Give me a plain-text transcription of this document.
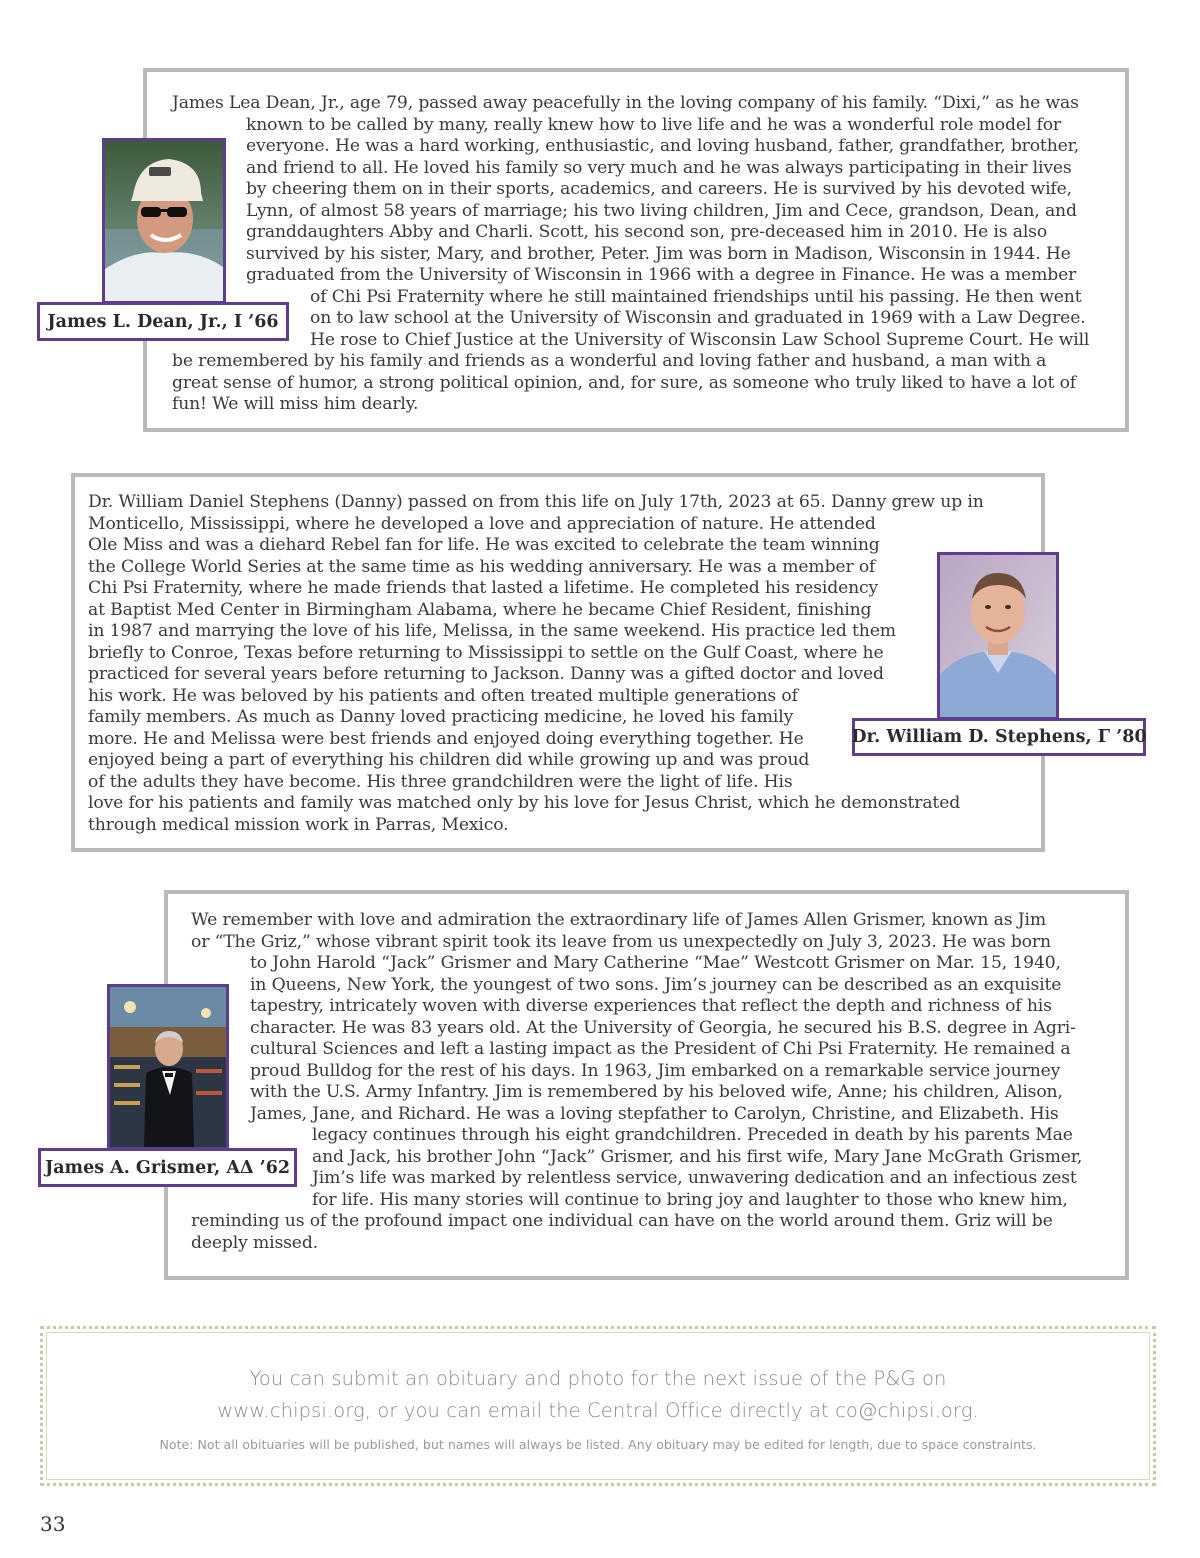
James Lea Dean, Jr., age 79, passed away peacefully in the loving company of his family. “Dixi,” as he was

known to be called by many, really knew how to live life and he was a wonderful role model for

everyone. He was a hard working, enthusiastic, and loving husband, father, grandfather, brother,

and friend to all. He loved his family so very much and he was always participating in their lives

by cheering them on in their sports, academics, and careers. He is survived by his devoted wife,

Lynn, of almost 58 years of marriage; his two living children, Jim and Cece, grandson, Dean, and

granddaughters Abby and Charli. Scott, his second son, pre-deceased him in 2010. He is also

survived by his sister, Mary, and brother, Peter. Jim was born in Madison, Wisconsin in 1944. He

graduated from the University of Wisconsin in 1966 with a degree in Finance. He was a member

of Chi Psi Fraternity where he still maintained friendships until his passing. He then went

on to law school at the University of Wisconsin and graduated in 1969 with a Law Degree.

He rose to Chief Justice at the University of Wisconsin Law School Supreme Court. He will

be remembered by his family and friends as a wonderful and loving father and husband, a man with a

great sense of humor, a strong political opinion, and, for sure, as someone who truly liked to have a lot of

fun! We will miss him dearly.

James L. Dean, Jr., I ’66

Dr. William Daniel Stephens (Danny) passed on from this life on July 17th, 2023 at 65. Danny grew up in

Monticello, Mississippi, where he developed a love and appreciation of nature. He attended

Ole Miss and was a diehard Rebel fan for life. He was excited to celebrate the team winning

the College World Series at the same time as his wedding anniversary. He was a member of

Chi Psi Fraternity, where he made friends that lasted a lifetime. He completed his residency

at Baptist Med Center in Birmingham Alabama, where he became Chief Resident, finishing

in 1987 and marrying the love of his life, Melissa, in the same weekend. His practice led them

briefly to Conroe, Texas before returning to Mississippi to settle on the Gulf Coast, where he

practiced for several years before returning to Jackson. Danny was a gifted doctor and loved

his work. He was beloved by his patients and often treated multiple generations of

family members. As much as Danny loved practicing medicine, he loved his family

more. He and Melissa were best friends and enjoyed doing everything together. He

enjoyed being a part of everything his children did while growing up and was proud

of the adults they have become. His three grandchildren were the light of life. His

love for his patients and family was matched only by his love for Jesus Christ, which he demonstrated

through medical mission work in Parras, Mexico.

Dr. William D. Stephens, Γ ’80

We remember with love and admiration the extraordinary life of James Allen Grismer, known as Jim

or “The Griz,” whose vibrant spirit took its leave from us unexpectedly on July 3, 2023. He was born

to John Harold “Jack” Grismer and Mary Catherine “Mae” Westcott Grismer on Mar. 15, 1940,

in Queens, New York, the youngest of two sons. Jim’s journey can be described as an exquisite

tapestry, intricately woven with diverse experiences that reflect the depth and richness of his

character. He was 83 years old. At the University of Georgia, he secured his B.S. degree in Agri-

cultural Sciences and left a lasting impact as the President of Chi Psi Fraternity. He remained a

proud Bulldog for the rest of his days. In 1963, Jim embarked on a remarkable service journey

with the U.S. Army Infantry. Jim is remembered by his beloved wife, Anne; his children, Alison,

James, Jane, and Richard. He was a loving stepfather to Carolyn, Christine, and Elizabeth. His

legacy continues through his eight grandchildren. Preceded in death by his parents Mae

and Jack, his brother John “Jack” Grismer, and his first wife, Mary Jane McGrath Grismer,

Jim’s life was marked by relentless service, unwavering dedication and an infectious zest

for life. His many stories will continue to bring joy and laughter to those who knew him,

reminding us of the profound impact one individual can have on the world around them. Griz will be

deeply missed.

James A. Grismer, ΑΔ ’62
You can submit an obituary and photo for the next issue of the P&G on
www.chipsi.org, or you can email the Central Office directly at co@chipsi.org.
Note: Not all obituaries will be published, but names will always be listed. Any obituary may be edited for length, due to space constraints.
33
